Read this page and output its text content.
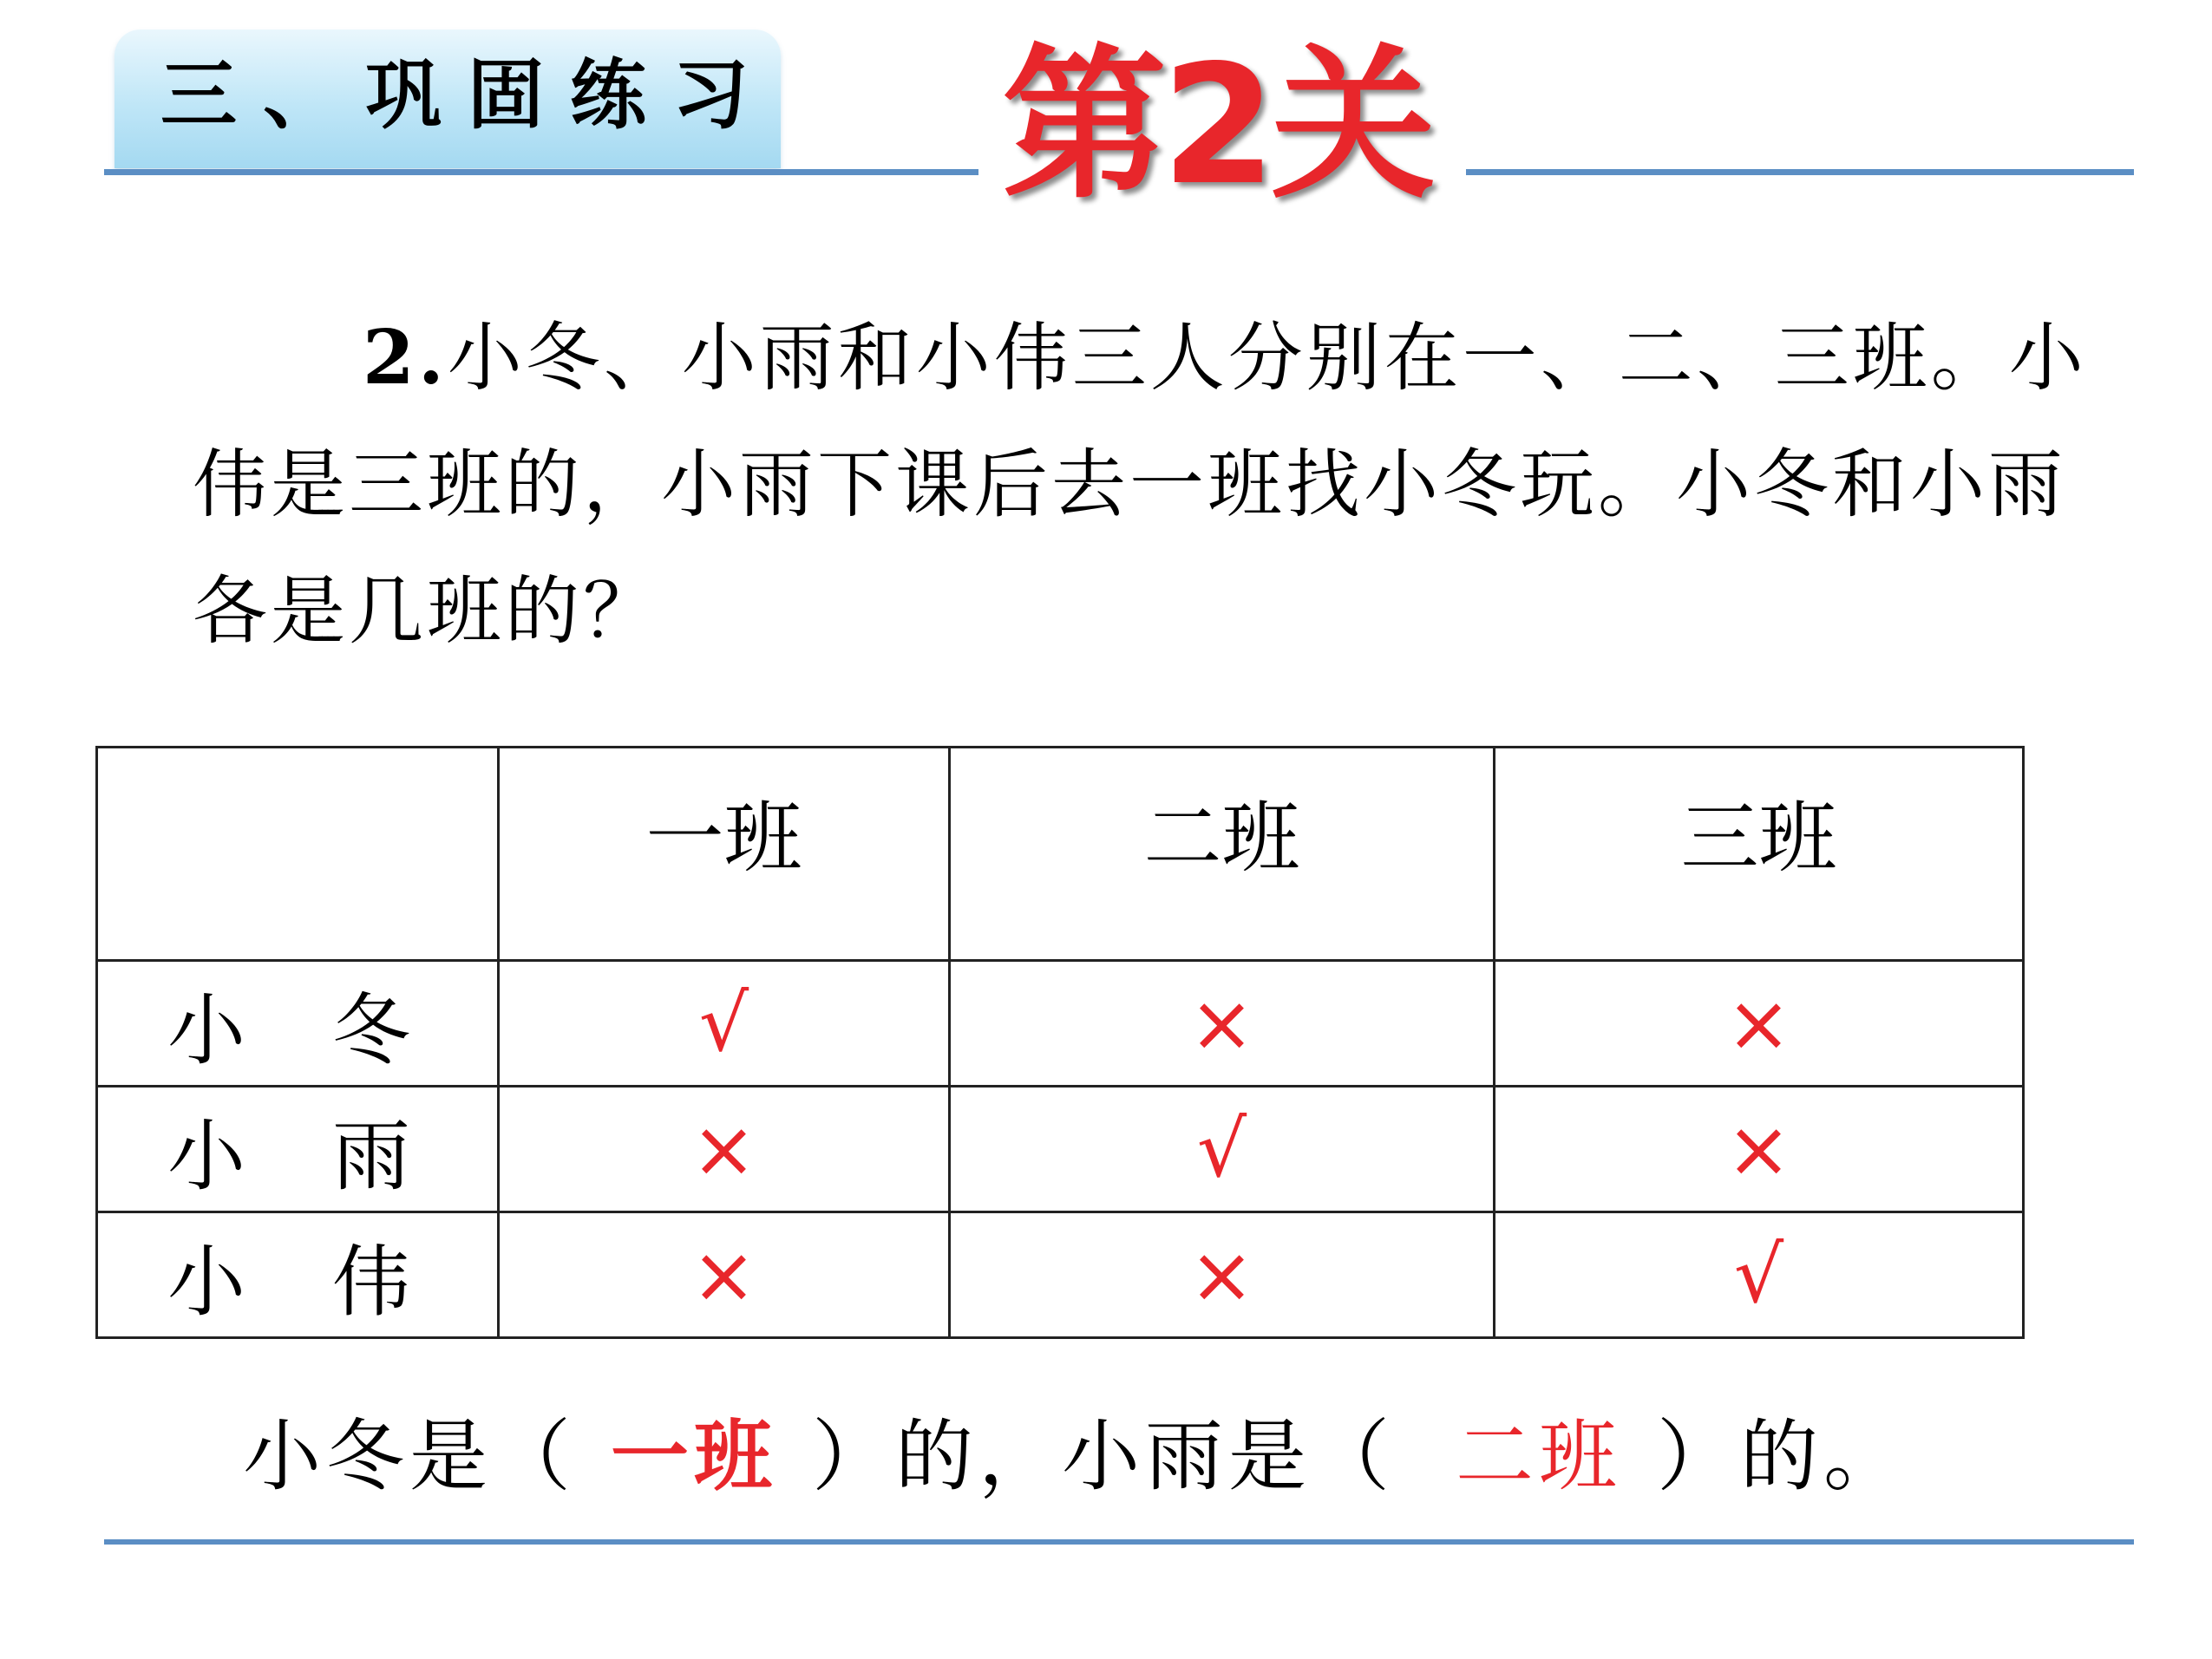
三、巩固练习 第2关
2.小冬、小雨和小伟三人分别在一、二、三班。小伟是三班的，小雨下课后去一班找小冬玩。小冬和小雨各是几班的？
	一班	二班	三班
小冬	√	×	×
小雨	×	√	×
小伟	×	×	√
小冬是（ 一班 ）的，小雨是（ 二班 ）的。
